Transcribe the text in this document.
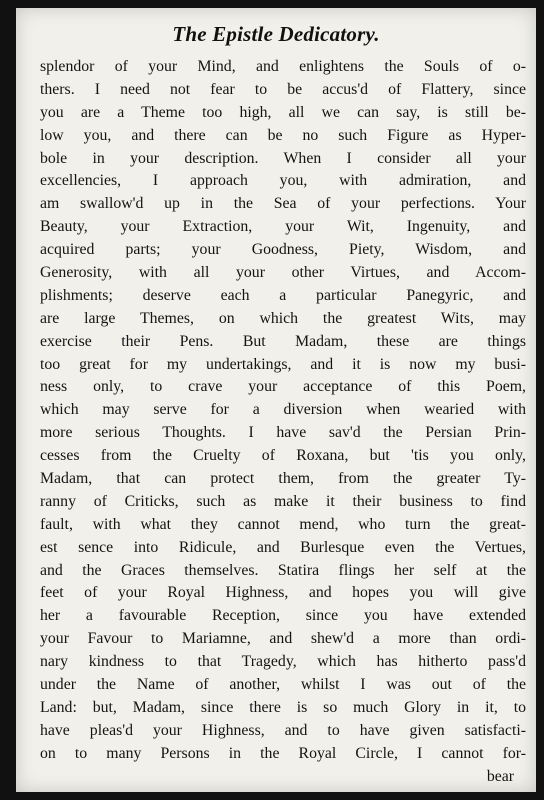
The Epistle Dedicatory.
splendor of your Mind, and enlightens the Souls of o-
thers. I need not fear to be accus'd of Flattery, since
you are a Theme too high, all we can say, is still be-
low you, and there can be no such Figure as Hyper-
bole in your description. When I consider all your
excellencies, I approach you, with admiration, and
am swallow'd up in the Sea of your perfections. Your
Beauty, your Extraction, your Wit, Ingenuity, and
acquired parts; your Goodness, Piety, Wisdom, and
Generosity, with all your other Virtues, and Accom-
plishments; deserve each a particular Panegyric, and
are large Themes, on which the greatest Wits, may
exercise their Pens. But Madam, these are things
too great for my undertakings, and it is now my busi-
ness only, to crave your acceptance of this Poem,
which may serve for a diversion when wearied with
more serious Thoughts. I have sav'd the Persian Prin-
cesses from the Cruelty of Roxana, but 'tis you only,
Madam, that can protect them, from the greater Ty-
ranny of Criticks, such as make it their business to find
fault, with what they cannot mend, who turn the great-
est sence into Ridicule, and Burlesque even the Vertues,
and the Graces themselves. Statira flings her self at the
feet of your Royal Highness, and hopes you will give
her a favourable Reception, since you have extended
your Favour to Mariamne, and shew'd a more than ordi-
nary kindness to that Tragedy, which has hitherto pass'd
under the Name of another, whilst I was out of the
Land: but, Madam, since there is so much Glory in it, to
have pleas'd your Highness, and to have given satisfacti-
on to many Persons in the Royal Circle, I cannot for-
bear
